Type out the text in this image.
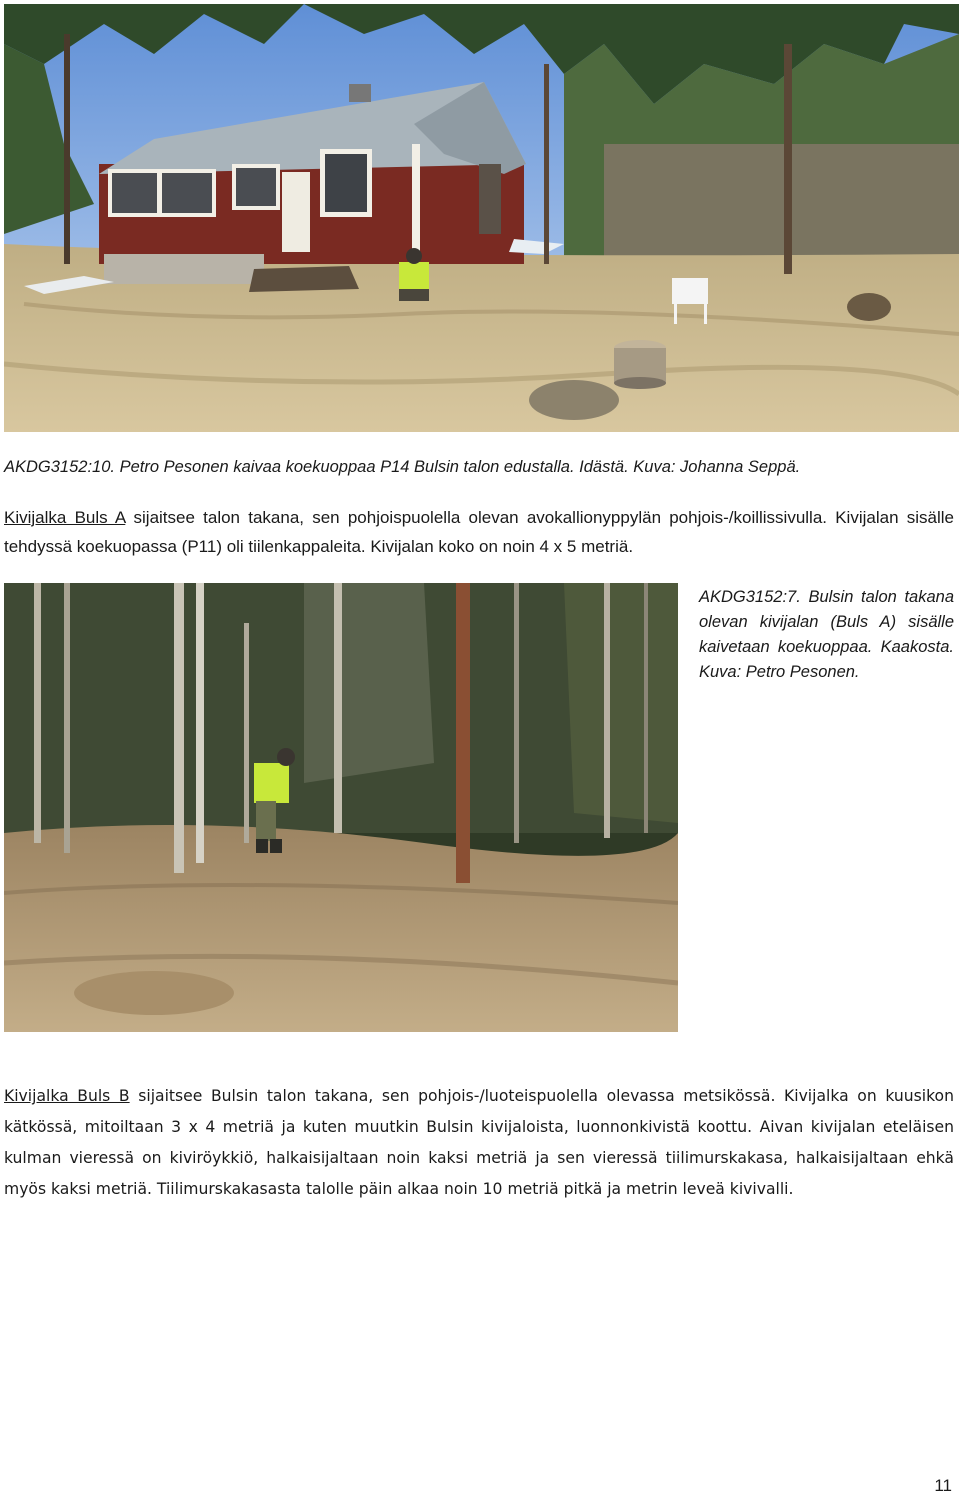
AKDG3152:10. Petro Pesonen kaivaa koekuoppaa P14 Bulsin talon edustalla. Idästä. Kuva: Johanna Seppä.

Kivijalka Buls A sijaitsee talon takana, sen pohjoispuolella olevan avokallionyppylän pohjois-/koillissivulla. Kivijalan sisälle tehdyssä koekuopassa (P11) oli tiilenkappaleita. Kivijalan koko on noin 4 x 5 metriä.

AKDG3152:7. Bulsin talon takana olevan kivijalan (Buls A) sisälle kaivetaan koekuoppaa. Kaakosta. Kuva: Petro Pesonen.

Kivijalka Buls B sijaitsee Bulsin talon takana, sen pohjois-/luoteispuolella olevassa metsikössä. Kivijalka on kuusikon kätkössä, mitoiltaan 3 x 4 metriä ja kuten muutkin Bulsin kivijaloista, luonnonkivistä koottu. Aivan kivijalan eteläisen kulman vieressä on kiviröykkiö, halkaisijaltaan noin kaksi metriä ja sen vieressä tiilimurskakasa, halkaisijaltaan ehkä myös kaksi metriä. Tiilimurskakasasta talolle päin alkaa noin 10 metriä pitkä ja metrin leveä kivivalli.

11
